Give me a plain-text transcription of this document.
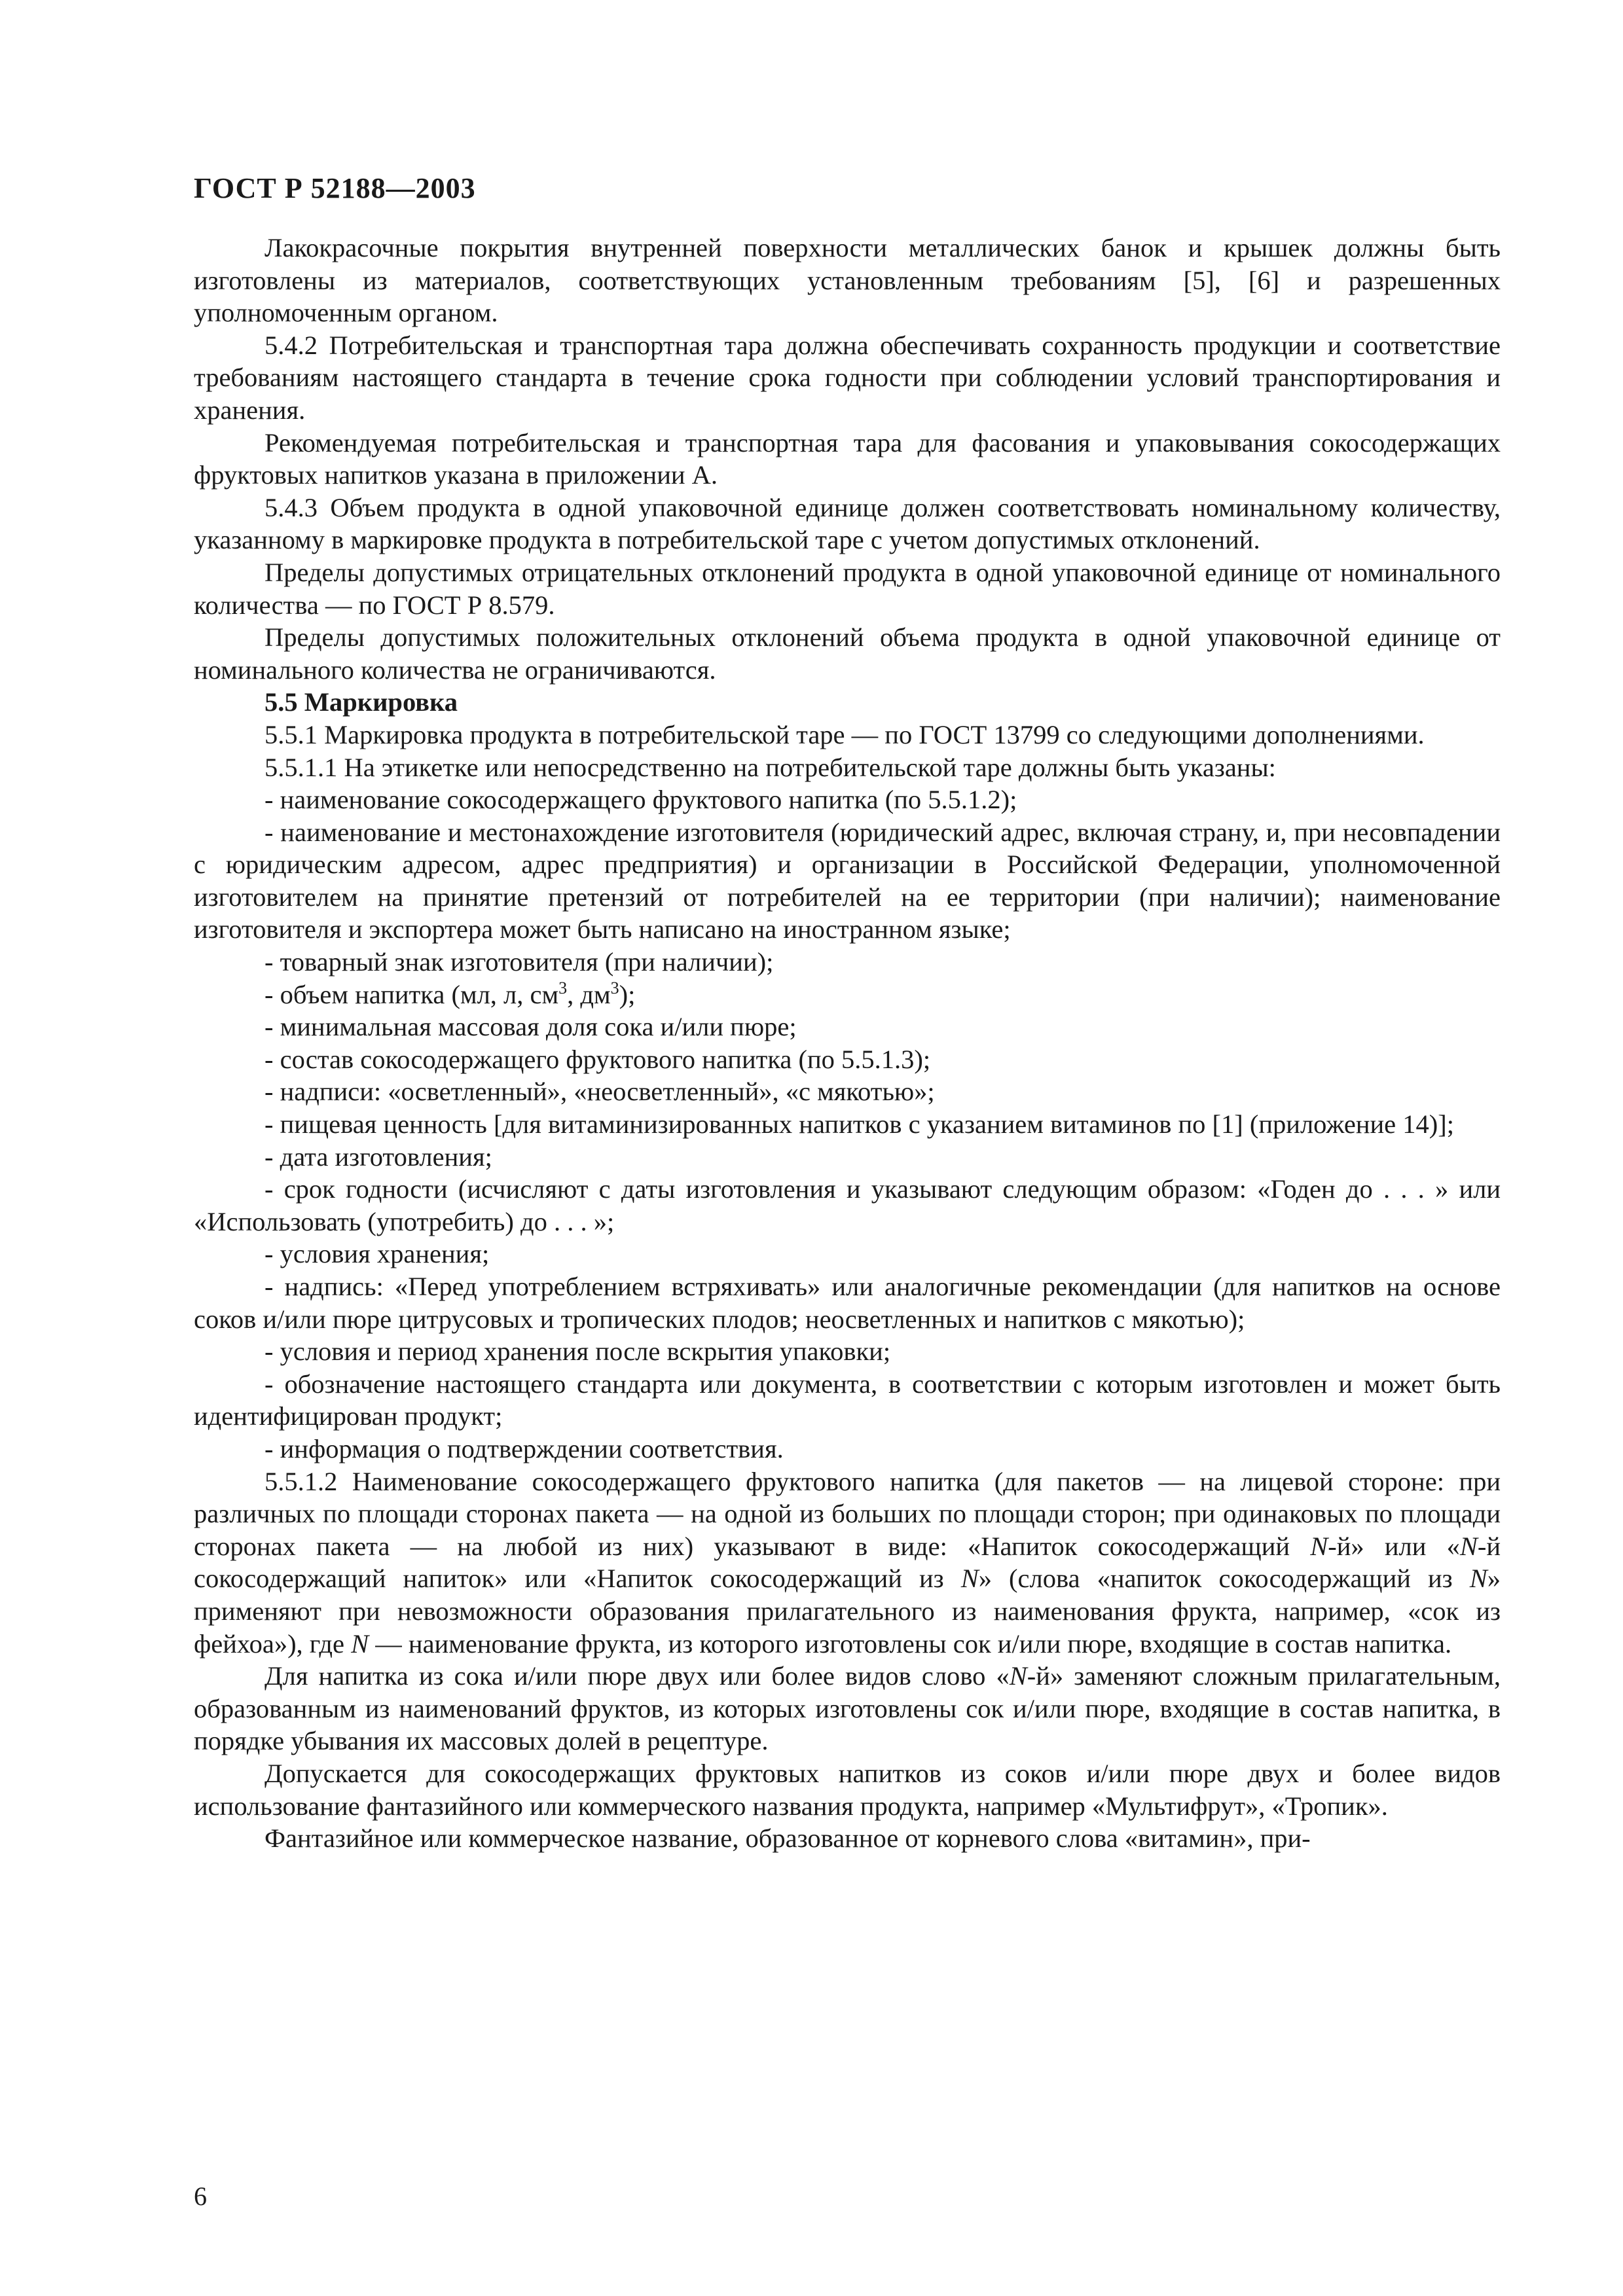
ГОСТ Р 52188—2003

Лакокрасочные покрытия внутренней поверхности металлических банок и крышек должны быть изготовлены из материалов, соответствующих установленным требованиям [5], [6] и разрешенных уполномоченным органом.

5.4.2 Потребительская и транспортная тара должна обеспечивать сохранность продукции и соответствие требованиям настоящего стандарта в течение срока годности при соблюдении условий транспортирования и хранения.

Рекомендуемая потребительская и транспортная тара для фасования и упаковывания сокосодержащих фруктовых напитков указана в приложении А.

5.4.3 Объем продукта в одной упаковочной единице должен соответствовать номинальному количеству, указанному в маркировке продукта в потребительской таре с учетом допустимых отклонений.

Пределы допустимых отрицательных отклонений продукта в одной упаковочной единице от номинального количества — по ГОСТ Р 8.579.

Пределы допустимых положительных отклонений объема продукта в одной упаковочной единице от номинального количества не ограничиваются.

5.5 Маркировка

5.5.1 Маркировка продукта в потребительской таре — по ГОСТ 13799 со следующими дополнениями.

5.5.1.1 На этикетке или непосредственно на потребительской таре должны быть указаны:

- наименование сокосодержащего фруктового напитка (по 5.5.1.2);

- наименование и местонахождение изготовителя (юридический адрес, включая страну, и, при несовпадении с юридическим адресом, адрес предприятия) и организации в Российской Федерации, уполномоченной изготовителем на принятие претензий от потребителей на ее территории (при наличии); наименование изготовителя и экспортера может быть написано на иностранном языке;

- товарный знак изготовителя (при наличии);

- объем напитка (мл, л, $см^3$, $дм^3$);

- минимальная массовая доля сока и/или пюре;

- состав сокосодержащего фруктового напитка (по 5.5.1.3);

- надписи: «осветленный», «неосветленный», «с мякотью»;

- пищевая ценность [для витаминизированных напитков с указанием витаминов по [1] (приложение 14)];

- дата изготовления;

- срок годности (исчисляют с даты изготовления и указывают следующим образом: «Годен до . . . » или «Использовать (употребить) до . . . »;

- условия хранения;

- надпись: «Перед употреблением встряхивать» или аналогичные рекомендации (для напитков на основе соков и/или пюре цитрусовых и тропических плодов; неосветленных и напитков с мякотью);

- условия и период хранения после вскрытия упаковки;

- обозначение настоящего стандарта или документа, в соответствии с которым изготовлен и может быть идентифицирован продукт;

- информация о подтверждении соответствия.

5.5.1.2 Наименование сокосодержащего фруктового напитка (для пакетов — на лицевой стороне: при различных по площади сторонах пакета — на одной из больших по площади сторон; при одинаковых по площади сторонах пакета — на любой из них) указывают в виде: «Напиток сокосодержащий N-й» или «N-й сокосодержащий напиток» или «Напиток сокосодержащий из N» (слова «напиток сокосодержащий из N» применяют при невозможности образования прилагательного из наименования фрукта, например, «сок из фейхоа»), где N — наименование фрукта, из которого изготовлены сок и/или пюре, входящие в состав напитка.

Для напитка из сока и/или пюре двух или более видов слово «N-й» заменяют сложным прилагательным, образованным из наименований фруктов, из которых изготовлены сок и/или пюре, входящие в состав напитка, в порядке убывания их массовых долей в рецептуре.

Допускается для сокосодержащих фруктовых напитков из соков и/или пюре двух и более видов использование фантазийного или коммерческого названия продукта, например «Мультифрут», «Тропик».

Фантазийное или коммерческое название, образованное от корневого слова «витамин», при-

6
